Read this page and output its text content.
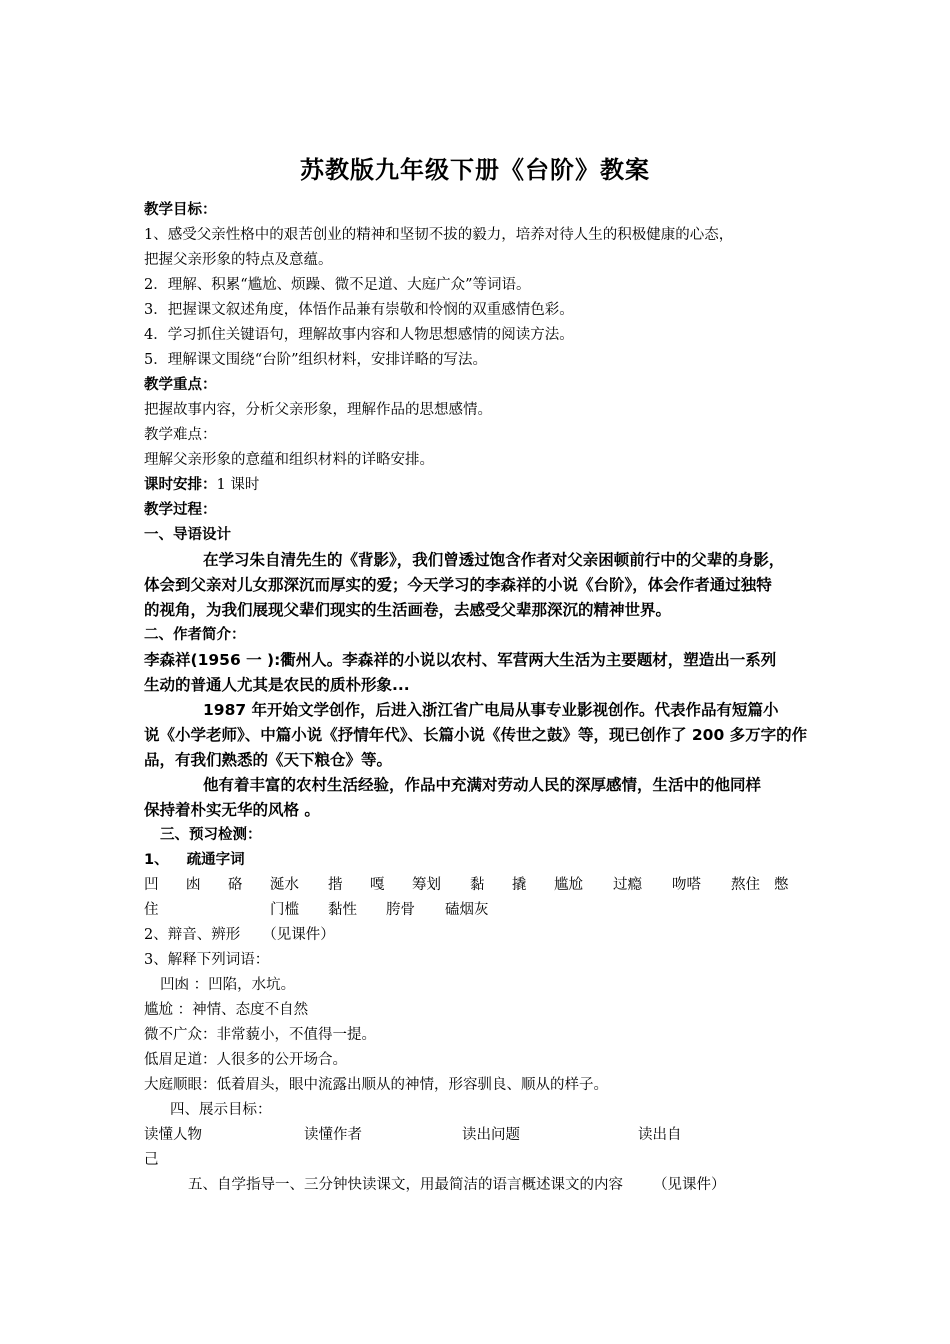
苏教版九年级下册《台阶》教案
教学目标：
1、感受父亲性格中的艰苦创业的精神和坚韧不拔的毅力，培养对待人生的积极健康的心态，
把握父亲形象的特点及意蕴。
2．理解、积累“尴尬、烦躁、微不足道、大庭广众”等词语。
3．把握课文叙述角度，体悟作品兼有崇敬和怜悯的双重感情色彩。
4．学习抓住关键语句，理解故事内容和人物思想感情的阅读方法。
5．理解课文围绕“台阶”组织材料，安排详略的写法。
教学重点：
把握故事内容，分析父亲形象，理解作品的思想感情。
教学难点：
理解父亲形象的意蕴和组织材料的详略安排。
课时安排：1 课时
教学过程：
一、导语设计
在学习朱自清先生的《背影》，我们曾透过饱含作者对父亲困顿前行中的父辈的身影，
体会到父亲对儿女那深沉而厚实的爱；今天学习的李森祥的小说《台阶》，体会作者通过独特
的视角，为我们展现父辈们现实的生活画卷，去感受父辈那深沉的精神世界。
二、作者简介：
李森祥(1956 一 ):衢州人。李森祥的小说以农村、军营两大生活为主要题材，塑造出一系列
生动的普通人尤其是农民的质朴形象...
1987 年开始文学创作，后进入浙江省广电局从事专业影视创作。代表作品有短篇小
说《小学老师》、中篇小说《抒情年代》、长篇小说《传世之鼓》等，现已创作了 200 多万字的作
品，有我们熟悉的《天下粮仓》等。
他有着丰富的农村生活经验，作品中充满对劳动人民的深厚感情，生活中的他同样
保持着朴实无华的风格 。
三、预习检测：
1、 疏通字词
凹 凼 硌 涎水 揩 嘎 筹划 黏 撬 尴尬 过瘾 吻嗒 熬住 憋
住	门槛 黏性 胯骨 磕烟灰
2、辩音、辨形 （见课件）
3、解释下列词语：
凹凼 ：凹陷，水坑。
尴尬 ：神情、态度不自然
微不广众：非常藐小，不值得一提。
低眉足道：人很多的公开场合。
大庭顺眼：低着眉头，眼中流露出顺从的神情，形容驯良、顺从的样子。
四、展示目标：
读懂人物	读懂作者	读出问题	读出自
己
五、自学指导一、三分钟快读课文，用最简洁的语言概述课文的内容 （见课件）
